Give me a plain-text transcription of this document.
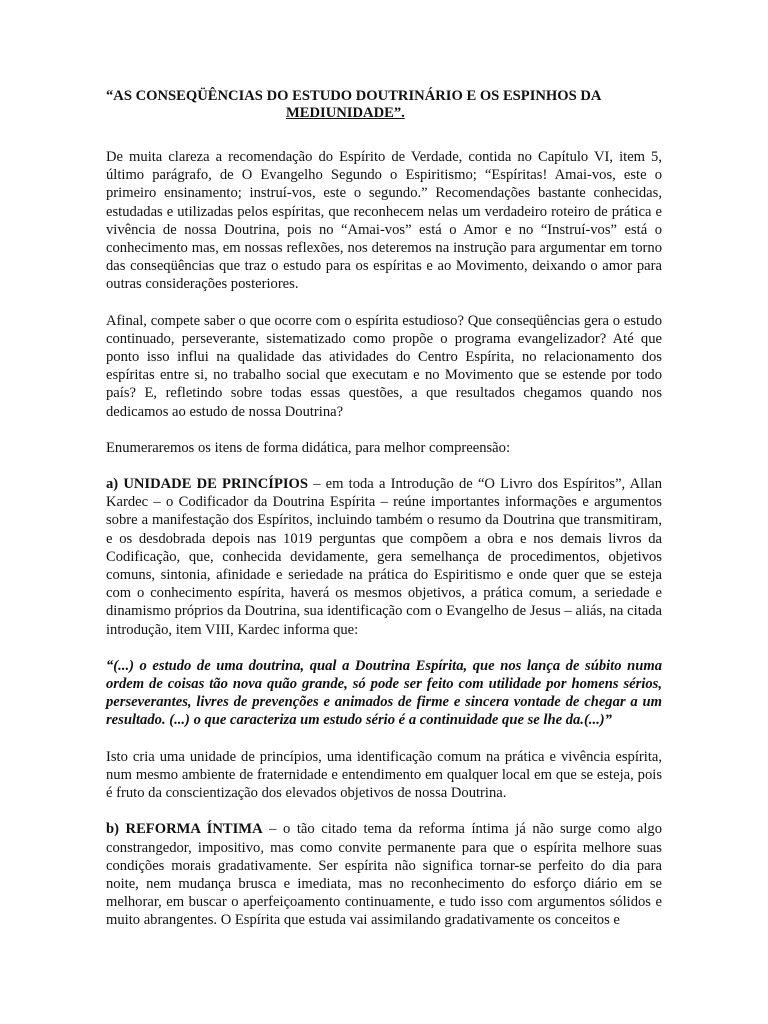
“AS CONSEQÜÊNCIAS DO ESTUDO DOUTRINÁRIO E OS ESPINHOS DA
MEDIUNIDADE”.

De muita clareza a recomendação do Espírito de Verdade, contida no Capítulo VI, item 5, último parágrafo, de O Evangelho Segundo o Espiritismo; “Espíritas! Amai-vos, este o primeiro ensinamento; instruí-vos, este o segundo.” Recomendações bastante conhecidas, estudadas e utilizadas pelos espíritas, que reconhecem nelas um verdadeiro roteiro de prática e vivência de nossa Doutrina, pois no “Amai-vos” está o Amor e no “Instruí-vos” está o conhecimento mas, em nossas reflexões, nos deteremos na instrução para argumentar em torno das conseqüências que traz o estudo para os espíritas e ao Movimento, deixando o amor para outras considerações posteriores.

Afinal, compete saber o que ocorre com o espírita estudioso? Que conseqüências gera o estudo continuado, perseverante, sistematizado como propõe o programa evangelizador? Até que ponto isso influi na qualidade das atividades do Centro Espírita, no relacionamento dos espíritas entre si, no trabalho social que executam e no Movimento que se estende por todo país? E, refletindo sobre todas essas questões, a que resultados chegamos quando nos dedicamos ao estudo de nossa Doutrina?

Enumeraremos os itens de forma didática, para melhor compreensão:

a) UNIDADE DE PRINCÍPIOS – em toda a Introdução de “O Livro dos Espíritos”, Allan Kardec – o Codificador da Doutrina Espírita – reúne importantes informações e argumentos sobre a manifestação dos Espíritos, incluindo também o resumo da Doutrina que transmitiram, e os desdobrada depois nas 1019 perguntas que compõem a obra e nos demais livros da Codificação, que, conhecida devidamente, gera semelhança de procedimentos, objetivos comuns, sintonia, afinidade e seriedade na prática do Espiritismo e onde quer que se esteja com o conhecimento espírita, haverá os mesmos objetivos, a prática comum, a seriedade e dinamismo próprios da Doutrina, sua identificação com o Evangelho de Jesus – aliás, na citada introdução, item VIII, Kardec informa que:

“(...) o estudo de uma doutrina, qual a Doutrina Espírita, que nos lança de súbito numa ordem de coisas tão nova quão grande, só pode ser feito com utilidade por homens sérios, perseverantes, livres de prevenções e animados de firme e sincera vontade de chegar a um resultado. (...) o que caracteriza um estudo sério é a continuidade que se lhe da.(...)”

Isto cria uma unidade de princípios, uma identificação comum na prática e vivência espírita, num mesmo ambiente de fraternidade e entendimento em qualquer local em que se esteja, pois é fruto da conscientização dos elevados objetivos de nossa Doutrina.

b) REFORMA ÍNTIMA – o tão citado tema da reforma íntima já não surge como algo constrangedor, impositivo, mas como convite permanente para que o espírita melhore suas condições morais gradativamente. Ser espírita não significa tornar-se perfeito do dia para noite, nem mudança brusca e imediata, mas no reconhecimento do esforço diário em se melhorar, em buscar o aperfeiçoamento continuamente, e tudo isso com argumentos sólidos e muito abrangentes. O Espírita que estuda vai assimilando gradativamente os conceitos e
